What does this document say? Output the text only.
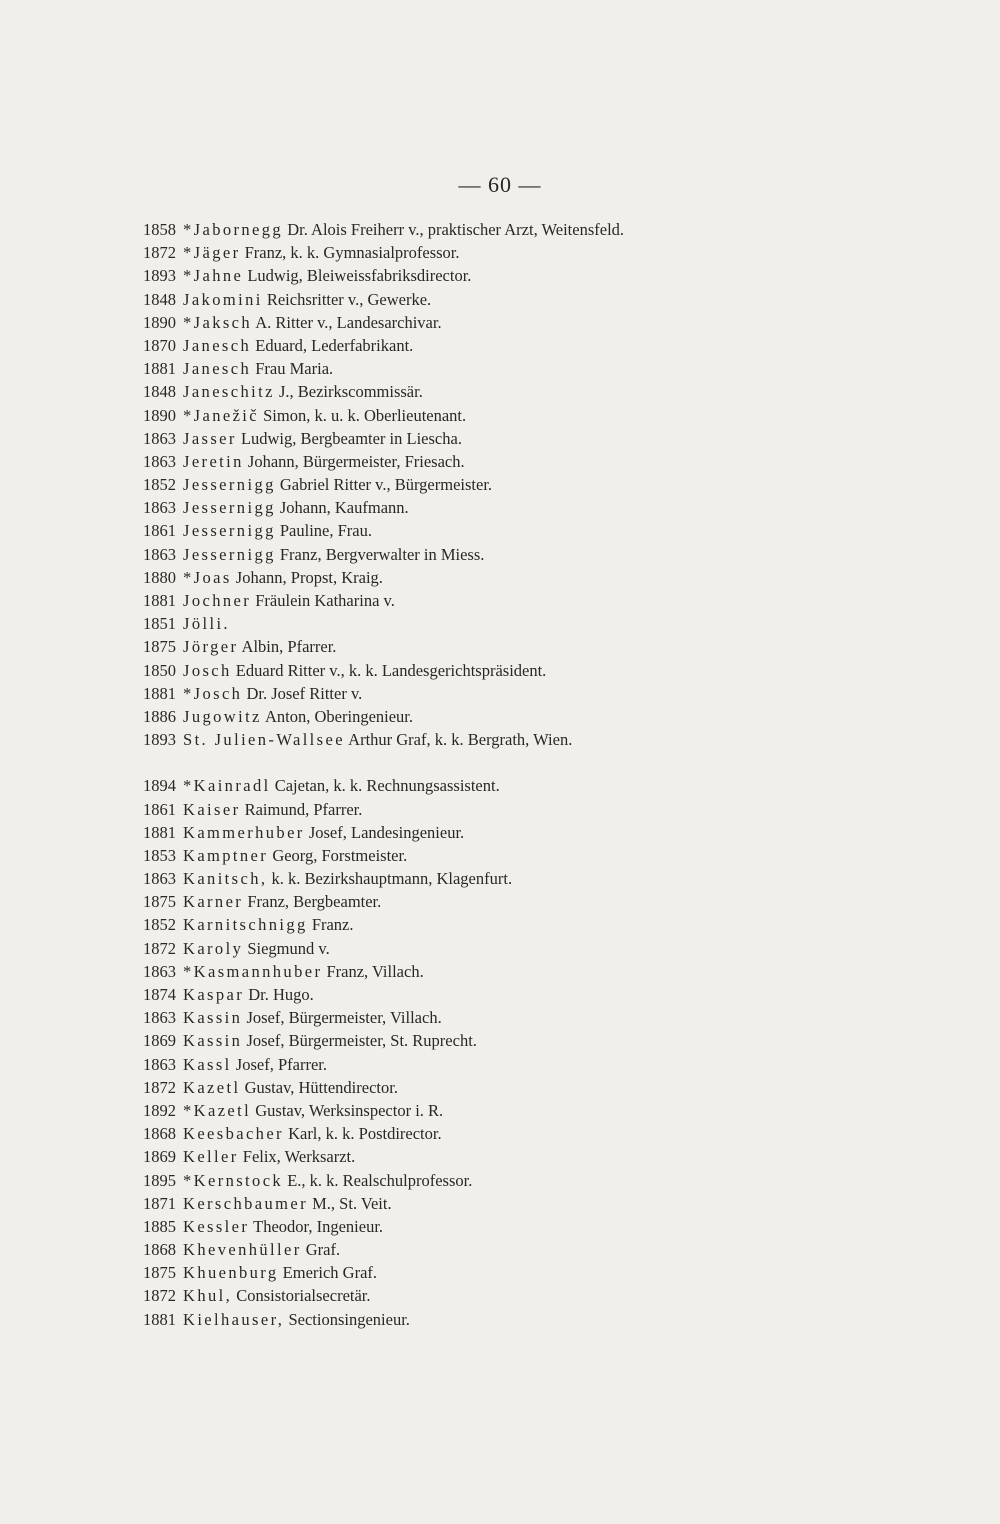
— 60 —
1858 *Jabornegg Dr. Alois Freiherr v., praktischer Arzt, Weitensfeld.
1872 *Jäger Franz, k. k. Gymnasialprofessor.
1893 *Jahne Ludwig, Bleiweissfabriksdirector.
1848 Jakomini Reichsritter v., Gewerke.
1890 *Jaksch A. Ritter v., Landesarchivar.
1870 Janesch Eduard, Lederfabrikant.
1881 Janesch Frau Maria.
1848 Janeschitz J., Bezirkscommissär.
1890 *Janežič Simon, k. u. k. Oberlieutenant.
1863 Jasser Ludwig, Bergbeamter in Liescha.
1863 Jeretin Johann, Bürgermeister, Friesach.
1852 Jessernigg Gabriel Ritter v., Bürgermeister.
1863 Jessernigg Johann, Kaufmann.
1861 Jessernigg Pauline, Frau.
1863 Jessernigg Franz, Bergverwalter in Miess.
1880 *Joas Johann, Propst, Kraig.
1881 Jochner Fräulein Katharina v.
1851 Jölli.
1875 Jörger Albin, Pfarrer.
1850 Josch Eduard Ritter v., k. k. Landesgerichtspräsident.
1881 *Josch Dr. Josef Ritter v.
1886 Jugowitz Anton, Oberingenieur.
1893 St. Julien-Wallsee Arthur Graf, k. k. Bergrath, Wien.
1894 *Kainradl Cajetan, k. k. Rechnungsassistent.
1861 Kaiser Raimund, Pfarrer.
1881 Kammerhuber Josef, Landesingenieur.
1853 Kamptner Georg, Forstmeister.
1863 Kanitsch, k. k. Bezirkshauptmann, Klagenfurt.
1875 Karner Franz, Bergbeamter.
1852 Karnitschnigg Franz.
1872 Karoly Siegmund v.
1863 *Kasmannhuber Franz, Villach.
1874 Kaspar Dr. Hugo.
1863 Kassin Josef, Bürgermeister, Villach.
1869 Kassin Josef, Bürgermeister, St. Ruprecht.
1863 Kassl Josef, Pfarrer.
1872 Kazetl Gustav, Hüttendirector.
1892 *Kazetl Gustav, Werksinspector i. R.
1868 Keesbacher Karl, k. k. Postdirector.
1869 Keller Felix, Werksarzt.
1895 *Kernstock E., k. k. Realschulprofessor.
1871 Kerschbaumer M., St. Veit.
1885 Kessler Theodor, Ingenieur.
1868 Khevenhüller Graf.
1875 Khuenburg Emerich Graf.
1872 Khul, Consistorialsecretär.
1881 Kielhauser, Sectionsingenieur.
